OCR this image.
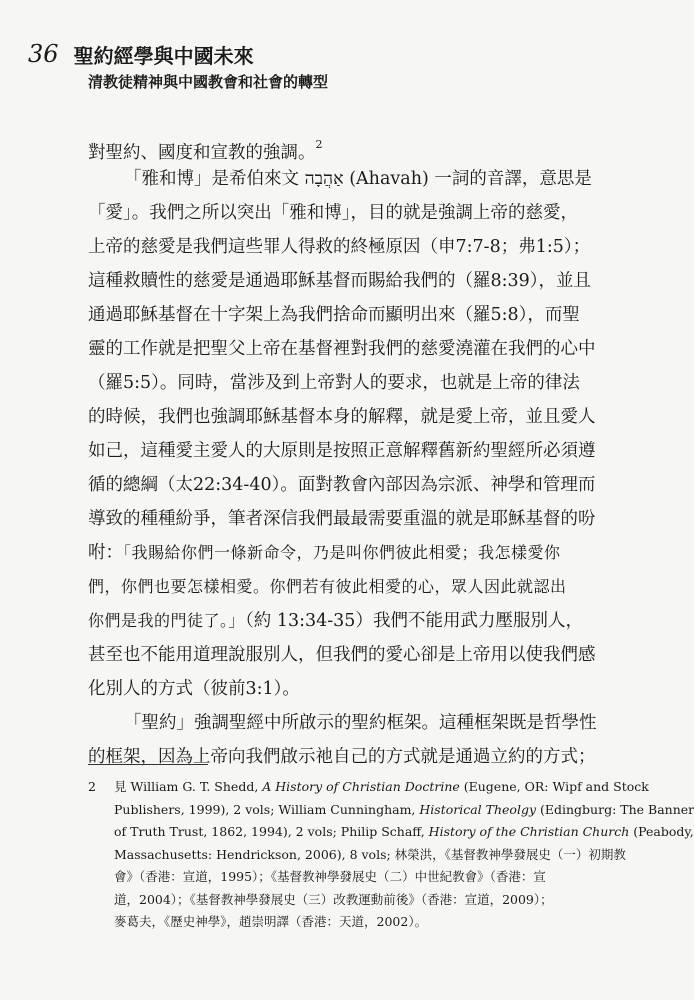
36 聖約經學與中國未來
清教徒精神與中國教會和社會的轉型
對聖約、國度和宣教的強調。$^2$
「雅和博」是希伯來文 אַהֲבָה (Ahavah) 一詞的音譯，意思是
「愛」。我們之所以突出「雅和博」，目的就是強調上帝的慈愛，
上帝的慈愛是我們這些罪人得救的終極原因（申7:7-8；弗1:5）；
這種救贖性的慈愛是通過耶穌基督而賜給我們的（羅8:39），並且
通過耶穌基督在十字架上為我們捨命而顯明出來（羅5:8），而聖
靈的工作就是把聖父上帝在基督裡對我們的慈愛澆灌在我們的心中
（羅5:5）。同時，當涉及到上帝對人的要求，也就是上帝的律法
的時候，我們也強調耶穌基督本身的解釋，就是愛上帝，並且愛人
如己，這種愛主愛人的大原則是按照正意解釋舊新約聖經所必須遵
循的總綱（太22:34-40）。面對教會內部因為宗派、神學和管理而
導致的種種紛爭，筆者深信我們最最需要重溫的就是耶穌基督的吩
咐：「我賜給你們一條新命令，乃是叫你們彼此相愛；我怎樣愛你
們，你們也要怎樣相愛。你們若有彼此相愛的心，眾人因此就認出
你們是我的門徒了。」（約 13:34-35）我們不能用武力壓服別人，
甚至也不能用道理說服別人，但我們的愛心卻是上帝用以使我們感
化別人的方式（彼前3:1）。
「聖約」強調聖經中所啟示的聖約框架。這種框架既是哲學性
的框架，因為上帝向我們啟示祂自己的方式就是通過立約的方式；
2 見 William G. T. Shedd, A History of Christian Doctrine (Eugene, OR: Wipf and Stock
Publishers, 1999), 2 vols; William Cunningham, Historical Theolgy (Edingburg: The Banner
of Truth Trust, 1862, 1994), 2 vols; Philip Schaff, History of the Christian Church (Peabody,
Massachusetts: Hendrickson, 2006), 8 vols; 林榮洪，《基督教神學發展史（一）初期教
會》（香港：宣道，1995）；《基督教神學發展史（二）中世紀教會》（香港：宣
道，2004）；《基督教神學發展史（三）改教運動前後》（香港：宣道，2009）；
麥葛夫，《歷史神學》，趙崇明譯（香港：天道，2002）。
